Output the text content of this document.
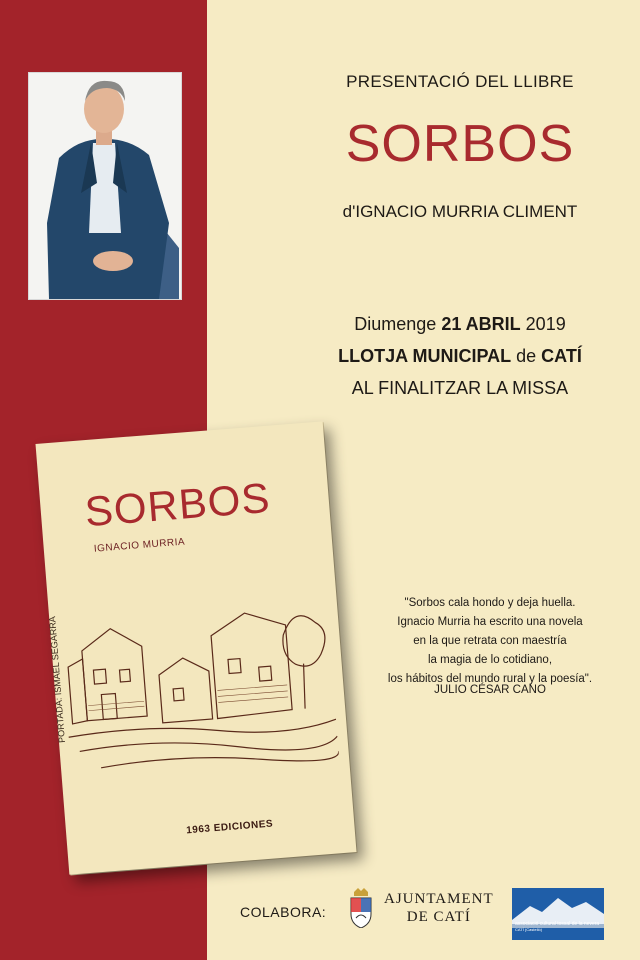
PRESENTACIÓ DEL LLIBRE
SORBOS
d'IGNACIO MURRIA CLIMENT
Diumenge 21 ABRIL 2019
LLOTJA MUNICIPAL de CATÍ
AL FINALITZAR LA MISSA
SORBOS
IGNACIO MURRIA
1963 EDICIONES
PORTADA: ISMAEL SEGARRA
"Sorbos cala hondo y deja huella.
Ignacio Murria ha escrito una novela
en la que retrata con maestría
la magia de lo cotidiano,
los hábitos del mundo rural y la poesía".
JULIO CÉSAR CANO
COLABORA:
AJUNTAMENT
DE CATÍ	associació cultural tossal de la nevera
CATÍ (Castelló)
